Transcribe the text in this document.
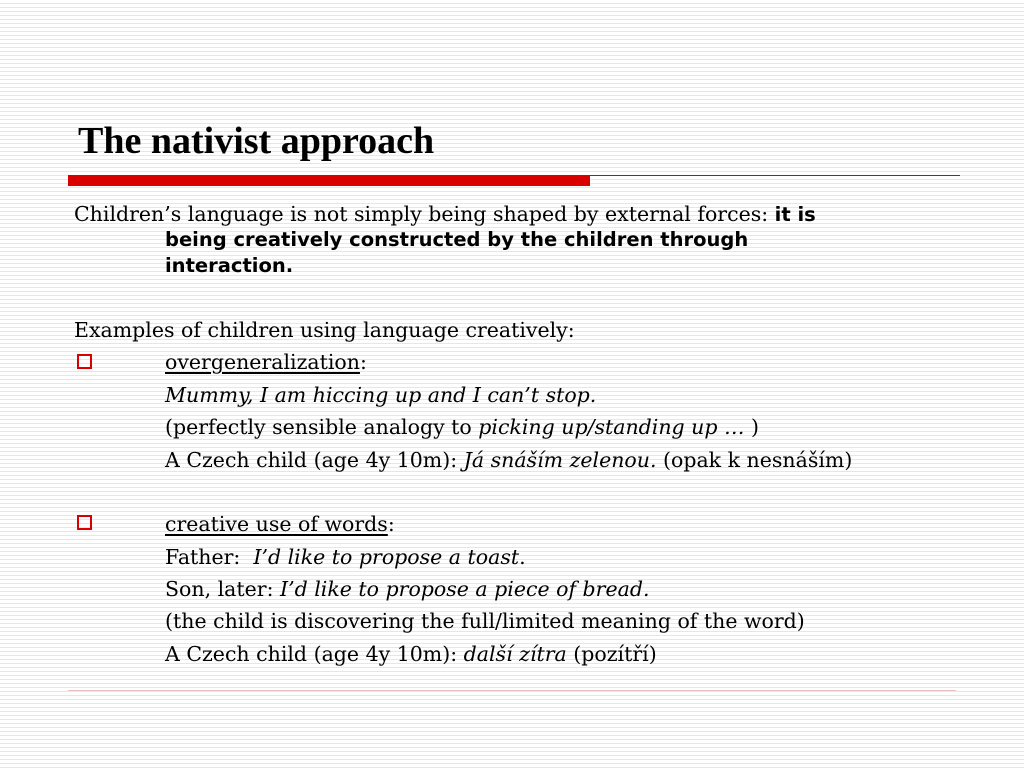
The nativist approach
Children’s language is not simply being shaped by external forces: it is
being creatively constructed by the children through
interaction.
Examples of children using language creatively:
overgeneralization:
Mummy, I am hiccing up and I can’t stop.
(perfectly sensible analogy to picking up/standing up … )
A Czech child (age 4y 10m): Já snáším zelenou. (opak k nesnáším)
creative use of words:
Father:  I’d like to propose a toast.
Son, later: I’d like to propose a piece of bread.
(the child is discovering the full/limited meaning of the word)
A Czech child (age 4y 10m): další zítra (pozítří)
